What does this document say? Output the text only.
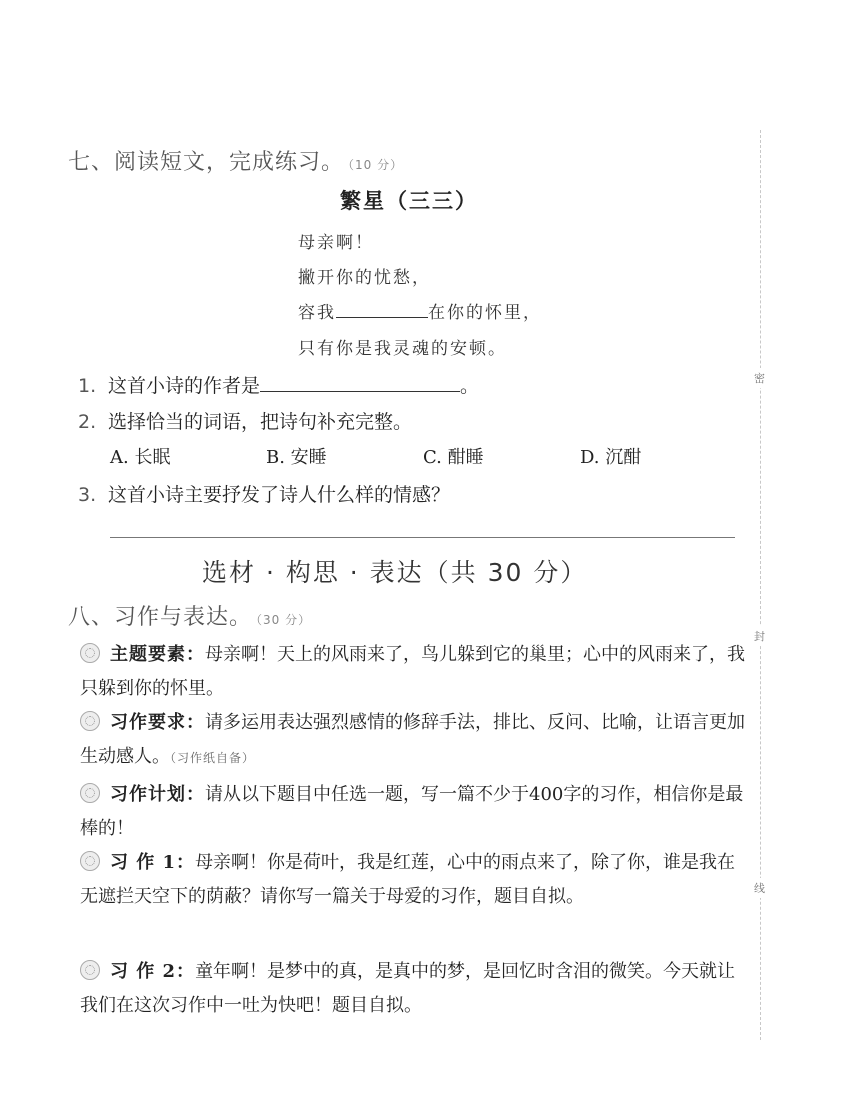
七、阅读短文，完成练习。 （10 分）
繁星（三三）
母亲啊！
撇开你的忧愁，
容我	在你的怀里，
只有你是我灵魂的安顿。
1. 这首小诗的作者是	。
2. 选择恰当的词语，把诗句补充完整。
A. 长眠	B. 安睡	C. 酣睡	D. 沉酣
3. 这首小诗主要抒发了诗人什么样的情感？
选材 · 构思 · 表达（共 30 分）
八、习作与表达。 （30 分）
主题要素：母亲啊！天上的风雨来了，鸟儿躲到它的巢里；心中的风雨来了，我只躲到你的怀里。
习作要求：请多运用表达强烈感情的修辞手法，排比、反问、比喻，让语言更加生动感人。（习作纸自备）
习作计划：请从以下题目中任选一题，写一篇不少于400字的习作，相信你是最棒的！
习 作 1：母亲啊！你是荷叶，我是红莲，心中的雨点来了，除了你，谁是我在无遮拦天空下的荫蔽？请你写一篇关于母爱的习作，题目自拟。
习 作 2：童年啊！是梦中的真，是真中的梦，是回忆时含泪的微笑。今天就让我们在这次习作中一吐为快吧！题目自拟。
密
封
线
